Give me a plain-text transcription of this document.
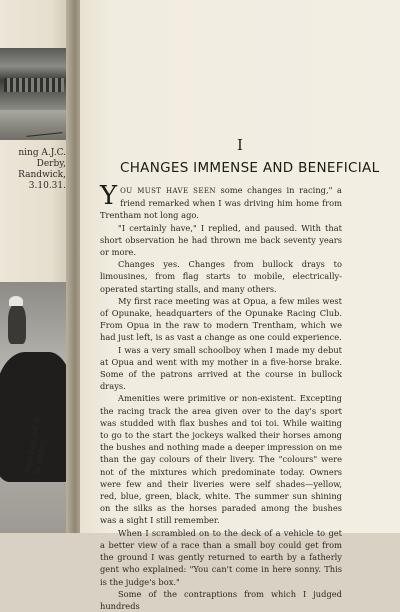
ning A.J.C. Derby, Randwick, 3.10.31.
I
CHANGES IMMENSE AND BENEFICIAL

YOU MUST HAVE SEEN some changes in racing," a friend remarked when I was driving him home from Trentham not long ago.

"I certainly have," I replied, and paused. With that short observation he had thrown me back seventy years or more.

Changes yes. Changes from bullock drays to limousines, from flag starts to mobile, electrically-operated starting stalls, and many others.

My first race meeting was at Opua, a few miles west of Opunake, headquarters of the Opunake Racing Club. From Opua in the raw to modern Trentham, which we had just left, is as vast a change as one could experience.

I was a very small schoolboy when I made my debut at Opua and went with my mother in a five-horse brake. Some of the patrons arrived at the course in bullock drays.

Amenities were primitive or non-existent. Excepting the racing track the area given over to the day's sport was studded with flax bushes and toi toi. While waiting to go to the start the jockeys walked their horses among the bushes and nothing made a deeper impression on me than the gay colours of their livery. The "colours" were not of the mixtures which predominate today. Owners were few and their liveries were self shades—yellow, red, blue, green, black, white. The summer sun shining on the silks as the horses paraded among the bushes was a sight I still remember.

When I scrambled on to the deck of a vehicle to get a better view of a race than a small boy could get from the ground I was gently returned to earth by a fatherly gent who explained: "You can't come in here sonny. This is the judge's box."

Some of the contraptions from which I judged hundreds

Phar Lap, led in by Jockey...
